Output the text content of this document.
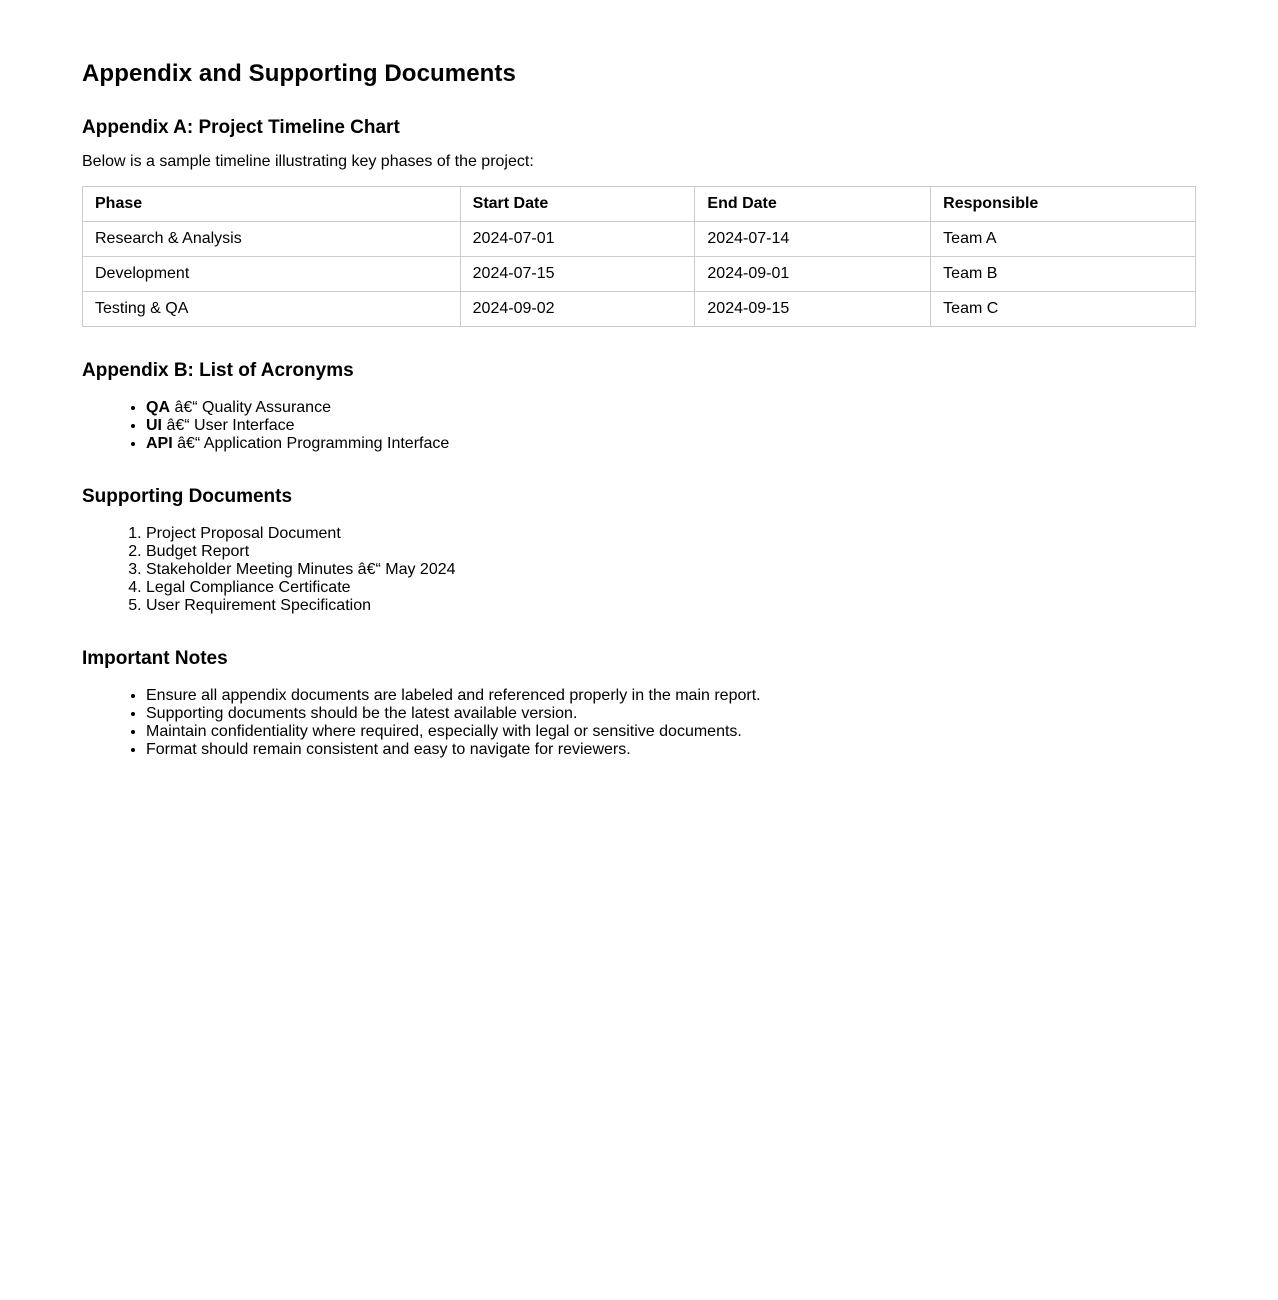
Appendix and Supporting Documents
Appendix A: Project Timeline Chart

Below is a sample timeline illustrating key phases of the project:

Phase	Start Date	End Date	Responsible
Research & Analysis	2024-07-01	2024-07-14	Team A
Development	2024-07-15	2024-09-01	Team B
Testing & QA	2024-09-02	2024-09-15	Team C
Appendix B: List of Acronyms
• QA â€“ Quality Assurance
• UI â€“ User Interface
• API â€“ Application Programming Interface
Supporting Documents
1. Project Proposal Document
2. Budget Report
3. Stakeholder Meeting Minutes â€“ May 2024
4. Legal Compliance Certificate
5. User Requirement Specification
Important Notes
• Ensure all appendix documents are labeled and referenced properly in the main report.
• Supporting documents should be the latest available version.
• Maintain confidentiality where required, especially with legal or sensitive documents.
• Format should remain consistent and easy to navigate for reviewers.
